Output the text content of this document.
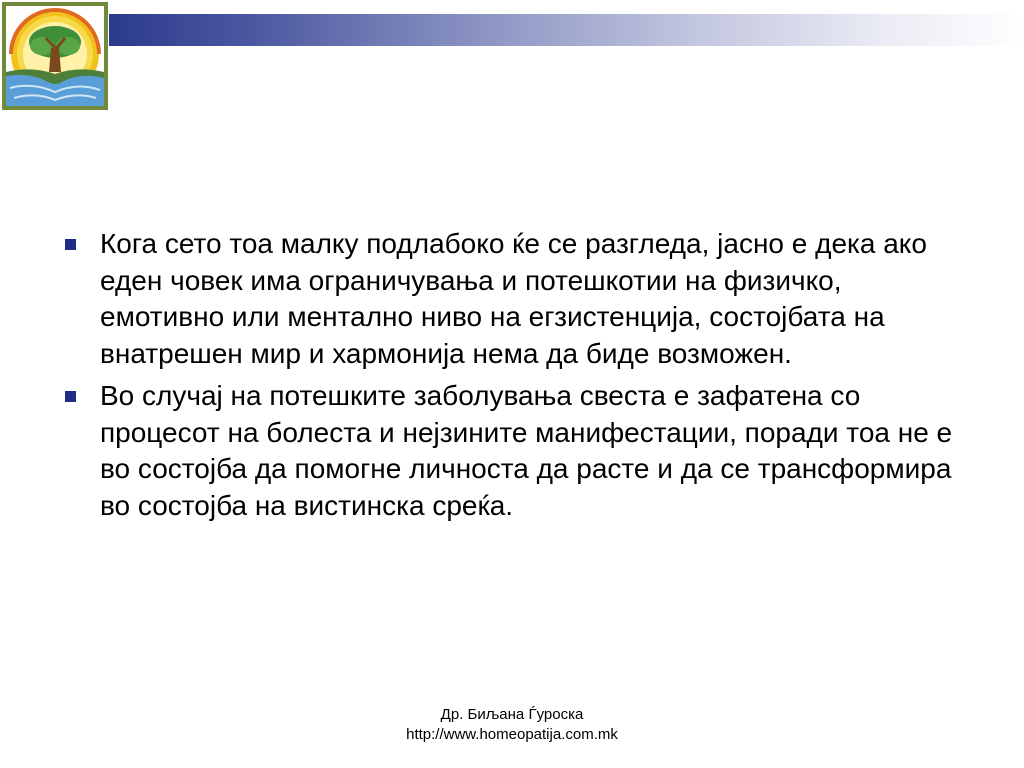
Кога сето тоа малку подлабоко ќе се разгледа, јасно е дека ако еден човек има ограничувања и потешкотии на физичко, емотивно или ментално ниво на егзистенција, состојбата на внатрешен мир и хармонија нема да биде возможен.
Во случај на потешките заболувања свеста е зафатена со процесот на болеста и нејзините манифестации, поради тоа не е во состојба да помогне личноста да расте и да се трансформира во состојба на вистинска среќа.
Др. Биљана Ѓуроска
http://www.homeopatija.com.mk
